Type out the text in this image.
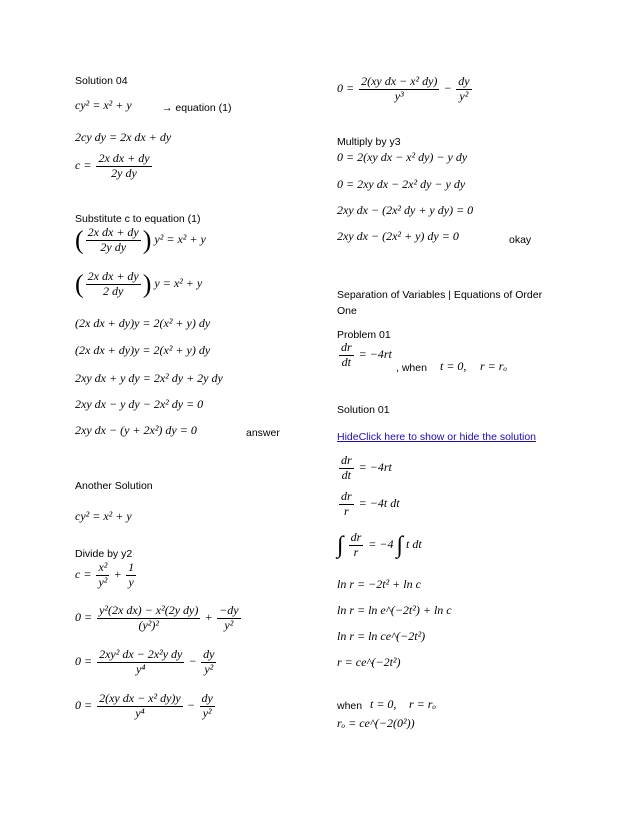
Solution 04
cy² = x² + y	→ equation (1)
2cy dy = 2x dx + dy
$c = \frac{\text{2x dx + dy}}{\text{2y dy}}$
Substitute c to equation (1)
( $\frac{\text{2x dx + dy}}{\text{2y dy}}$ ) y² = x² + y
( $\frac{\text{2x dx + dy}}{2 dy}$ ) y = x² + y
(2x dx + dy)y = 2(x² + y) dy
(2x dx + dy)y = 2(x² + y) dy
2xy dx + y dy = 2x² dy + 2y dy
2xy dx − y dy − 2x² dy = 0
2xy dx − (y + 2x²) dy = 0	answer
Another Solution
cy² = x² + y
Divide by y2
$c = \frac{\text{x²}}{\text{y²}} + \frac{1}{y}$
$0 = \frac{\text{y²(2x dx) − x²(2y dy)}}{\text{(y²)²}} + \frac{-dy}{\text{y²}}$
$0 = \frac{\text{2xy² dx − 2x²y dy}}{\text{y⁴}} - \frac{dy}{\text{y²}}$
$0 = \frac{\text{2(xy dx − x² dy)y}}{\text{y⁴}} - \frac{dy}{\text{y²}}$
$0 = \frac{\text{2(xy dx − x² dy)}}{\text{y³}} - \frac{dy}{\text{y²}}$
Multiply by y3
0 = 2(xy dx − x² dy) − y dy
0 = 2xy dx − 2x² dy − y dy
2xy dx − (2x² dy + y dy) = 0
2xy dx − (2x² + y) dy = 0	okay
Separation of Variables | Equations of Order One
Problem 01
$\frac{dr}{dt} = -4rt$
, when t = 0, r = rₒ
Solution 01
HideClick here to show or hide the solution
$\frac{dr}{dt} = -4rt$
$\frac{dr}{r} = -4t$ dt
∫ $\frac{dr}{r} = -4$ ∫ t dt
ln r = −2t² + ln c
ln r = ln e^(−2t²) + ln c
ln r = ln ce^(−2t²)
r = ce^(−2t²)
when t = 0, r = rₒ
rₒ = ce^(−2(0²))
